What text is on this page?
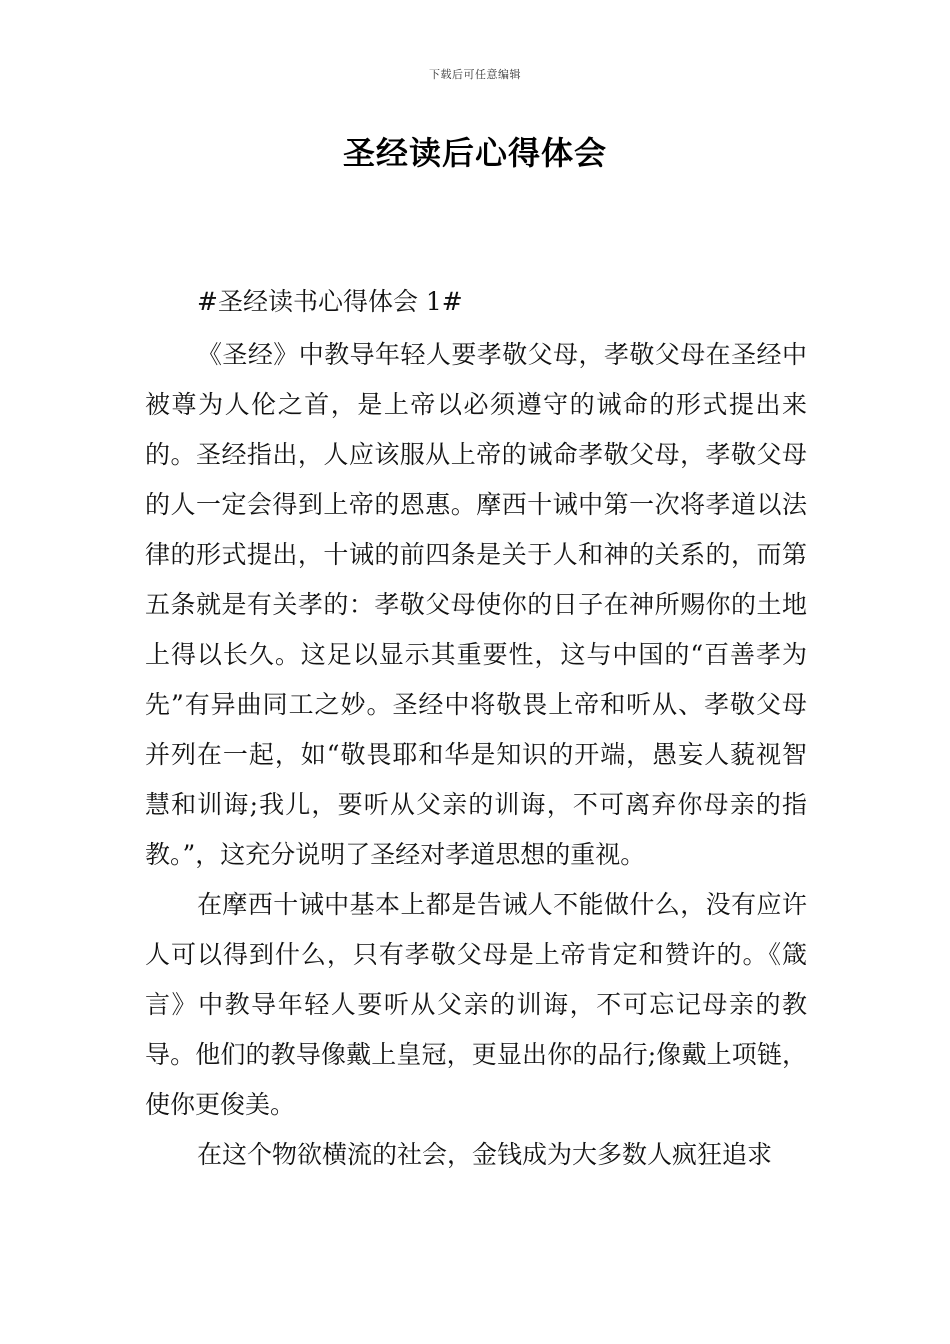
下载后可任意编辑
圣经读后心得体会

#圣经读书心得体会 1#

《圣经》中教导年轻人要孝敬父母，孝敬父母在圣经中被尊为人伦之首，是上帝以必须遵守的诫命的形式提出来的。圣经指出，人应该服从上帝的诫命孝敬父母，孝敬父母的人一定会得到上帝的恩惠。摩西十诫中第一次将孝道以法律的形式提出，十诫的前四条是关于人和神的关系的，而第五条就是有关孝的：孝敬父母使你的日子在神所赐你的土地上得以长久。这足以显示其重要性，这与中国的“百善孝为先”有异曲同工之妙。圣经中将敬畏上帝和听从、孝敬父母并列在一起，如“敬畏耶和华是知识的开端，愚妄人藐视智慧和训诲;我儿，要听从父亲的训诲，不可离弃你母亲的指教。”，这充分说明了圣经对孝道思想的重视。

在摩西十诫中基本上都是告诫人不能做什么，没有应许人可以得到什么，只有孝敬父母是上帝肯定和赞许的。《箴言》中教导年轻人要听从父亲的训诲，不可忘记母亲的教导。他们的教导像戴上皇冠，更显出你的品行;像戴上项链，使你更俊美。

在这个物欲横流的社会，金钱成为大多数人疯狂追求
